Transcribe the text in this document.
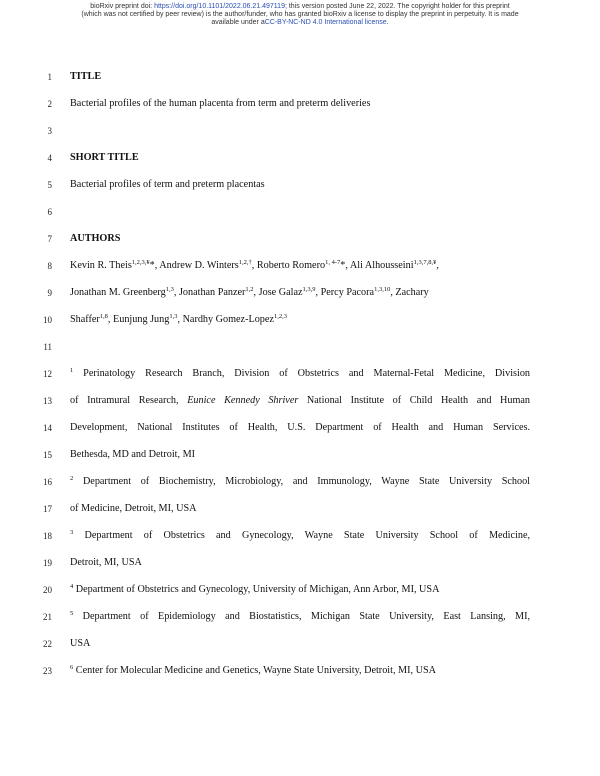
bioRxiv preprint doi: https://doi.org/10.1101/2022.06.21.497119; this version posted June 22, 2022. The copyright holder for this preprint
(which was not certified by peer review) is the author/funder, who has granted bioRxiv a license to display the preprint in perpetuity. It is made
available under aCC-BY-NC-ND 4.0 International license.
1 TITLE
2 Bacterial profiles of the human placenta from term and preterm deliveries
3
4 SHORT TITLE
5 Bacterial profiles of term and preterm placentas
6
7 AUTHORS
8 Kevin R. Theis$^{1,2,3,¥}$*, Andrew D. Winters$^{1,2,\dagger}$, Roberto Romero$^{1, 4-7}$*, Ali Alhousseini$^{1,3,7,8,¥}$,
9 Jonathan M. Greenberg$^{1,3}$, Jonathan Panzer$^{1,2}$, Jose Galaz$^{1,3,9}$, Percy Pacora$^{1,3,10}$, Zachary
10 Shaffer$^{1,8}$, Eunjung Jung$^{1,3}$, Nardhy Gomez-Lopez$^{1,2,3}$
11
12	$^1$ Perinatology Research Branch, Division of Obstetrics and Maternal-Fetal Medicine, Division
13 of Intramural Research, Eunice Kennedy Shriver National Institute of Child Health and Human
14 Development, National Institutes of Health, U.S. Department of Health and Human Services.
15 Bethesda, MD and Detroit, MI
16	$^2$ Department of Biochemistry, Microbiology, and Immunology, Wayne State University School
17 of Medicine, Detroit, MI, USA
18	$^3$ Department of Obstetrics and Gynecology, Wayne State University School of Medicine,
19 Detroit, MI, USA
20	$^4$ Department of Obstetrics and Gynecology, University of Michigan, Ann Arbor, MI, USA
21	$^5$ Department of Epidemiology and Biostatistics, Michigan State University, East Lansing, MI,
22 USA
23	$^6$ Center for Molecular Medicine and Genetics, Wayne State University, Detroit, MI, USA
